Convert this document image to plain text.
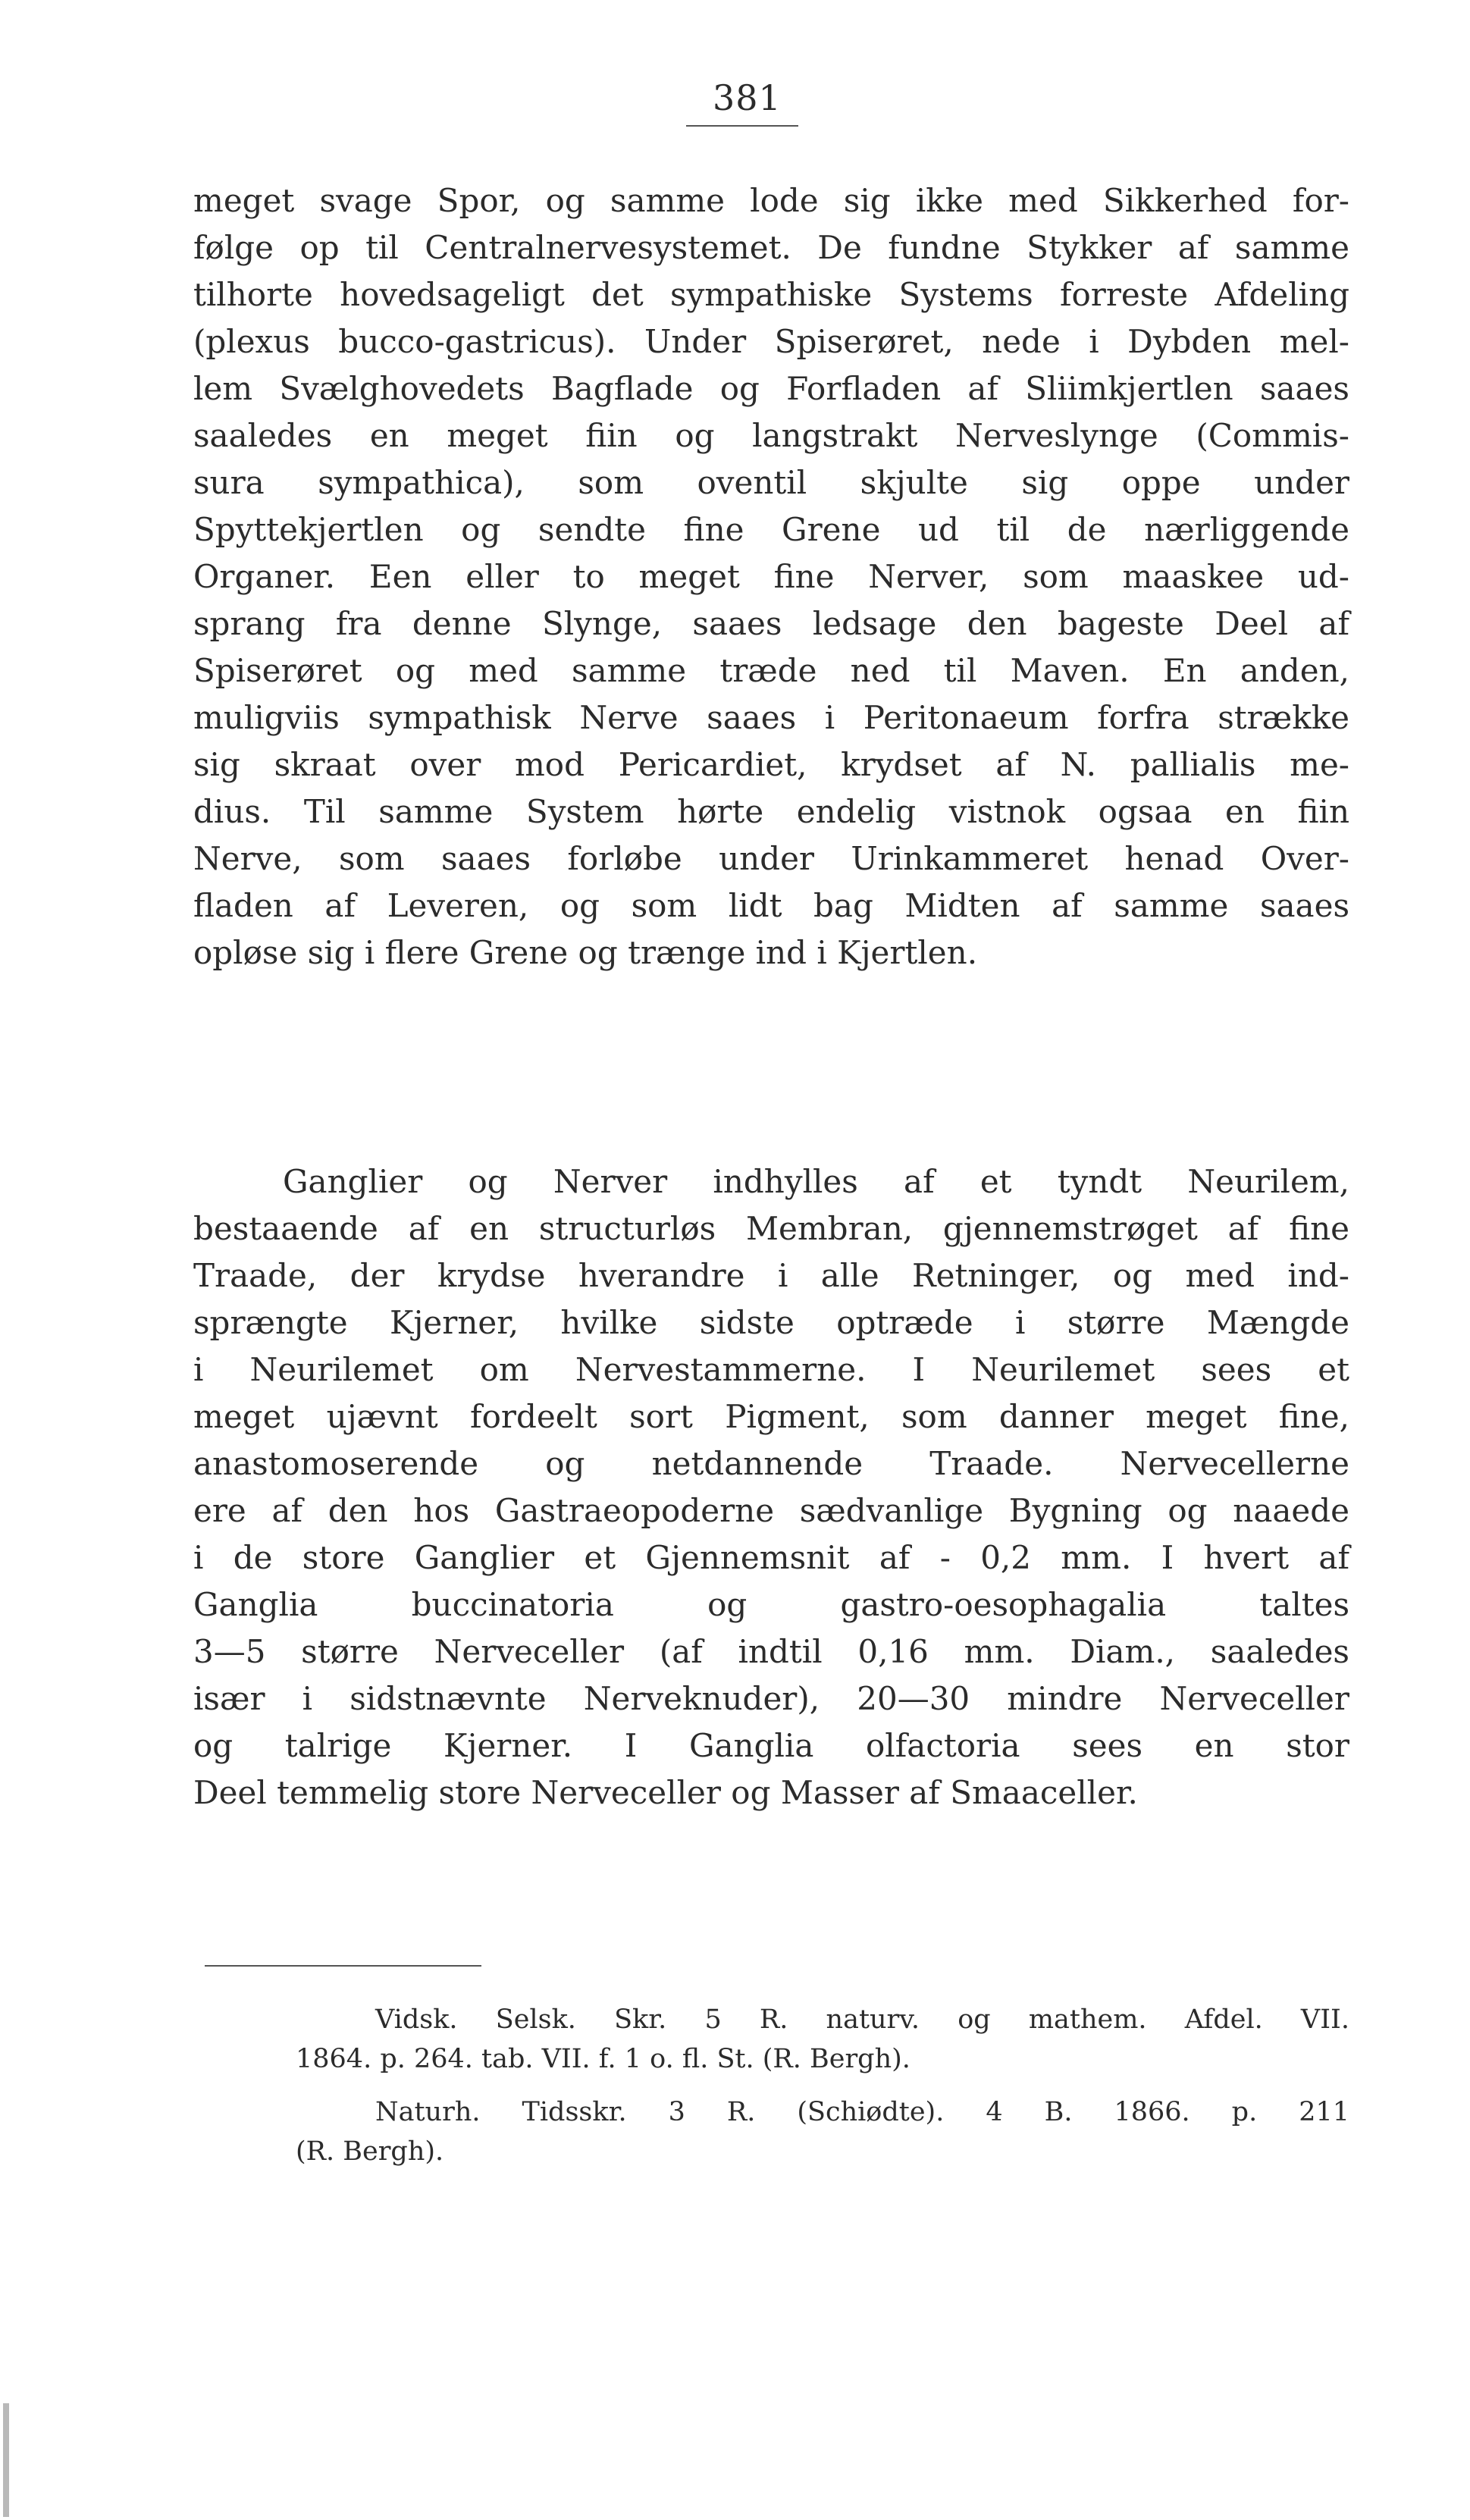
381
meget svage Spor, og samme lode sig ikke med Sikkerhed for-
følge op til Centralnervesystemet. De fundne Stykker af samme
tilhorte hovedsageligt det sympathiske Systems forreste Afdeling
(plexus bucco-gastricus). Under Spiserøret, nede i Dybden mel-
lem Svælghovedets Bagflade og Forfladen af Sliimkjertlen saaes
saaledes en meget fiin og langstrakt Nerveslynge (Commis-
sura sympathica), som oventil skjulte sig oppe under
Spyttekjertlen og sendte fine Grene ud til de nærliggende
Organer. Een eller to meget fine Nerver, som maaskee ud-
sprang fra denne Slynge, saaes ledsage den bageste Deel af
Spiserøret og med samme træde ned til Maven. En anden,
muligviis sympathisk Nerve saaes i Peritonaeum forfra strække
sig skraat over mod Pericardiet, krydset af N. pallialis me-
dius. Til samme System hørte endelig vistnok ogsaa en fiin
Nerve, som saaes forløbe under Urinkammeret henad Over-
fladen af Leveren, og som lidt bag Midten af samme saaes
opløse sig i flere Grene og trænge ind i Kjertlen.
Ganglier og Nerver indhylles af et tyndt Neurilem,
bestaaende af en structurløs Membran, gjennemstrøget af fine
Traade, der krydse hverandre i alle Retninger, og med ind-
sprængte Kjerner, hvilke sidste optræde i større Mængde
i Neurilemet om Nervestammerne. I Neurilemet sees et
meget ujævnt fordeelt sort Pigment, som danner meget fine,
anastomoserende og netdannende Traade. Nervecellerne
ere af den hos Gastraeopoderne sædvanlige Bygning og naaede
i de store Ganglier et Gjennemsnit af - 0,2 mm. I hvert af
Ganglia buccinatoria og gastro-oesophagalia taltes
3—5 større Nerveceller (af indtil 0,16 mm. Diam., saaledes
især i sidstnævnte Nerveknuder), 20—30 mindre Nerveceller
og talrige Kjerner. I Ganglia olfactoria sees en stor
Deel temmelig store Nerveceller og Masser af Smaaceller.
Vidsk. Selsk. Skr. 5 R. naturv. og mathem. Afdel. VII.
1864. p. 264. tab. VII. f. 1 o. fl. St. (R. Bergh).
Naturh. Tidsskr. 3 R. (Schiødte). 4 B. 1866. p. 211
(R. Bergh).
